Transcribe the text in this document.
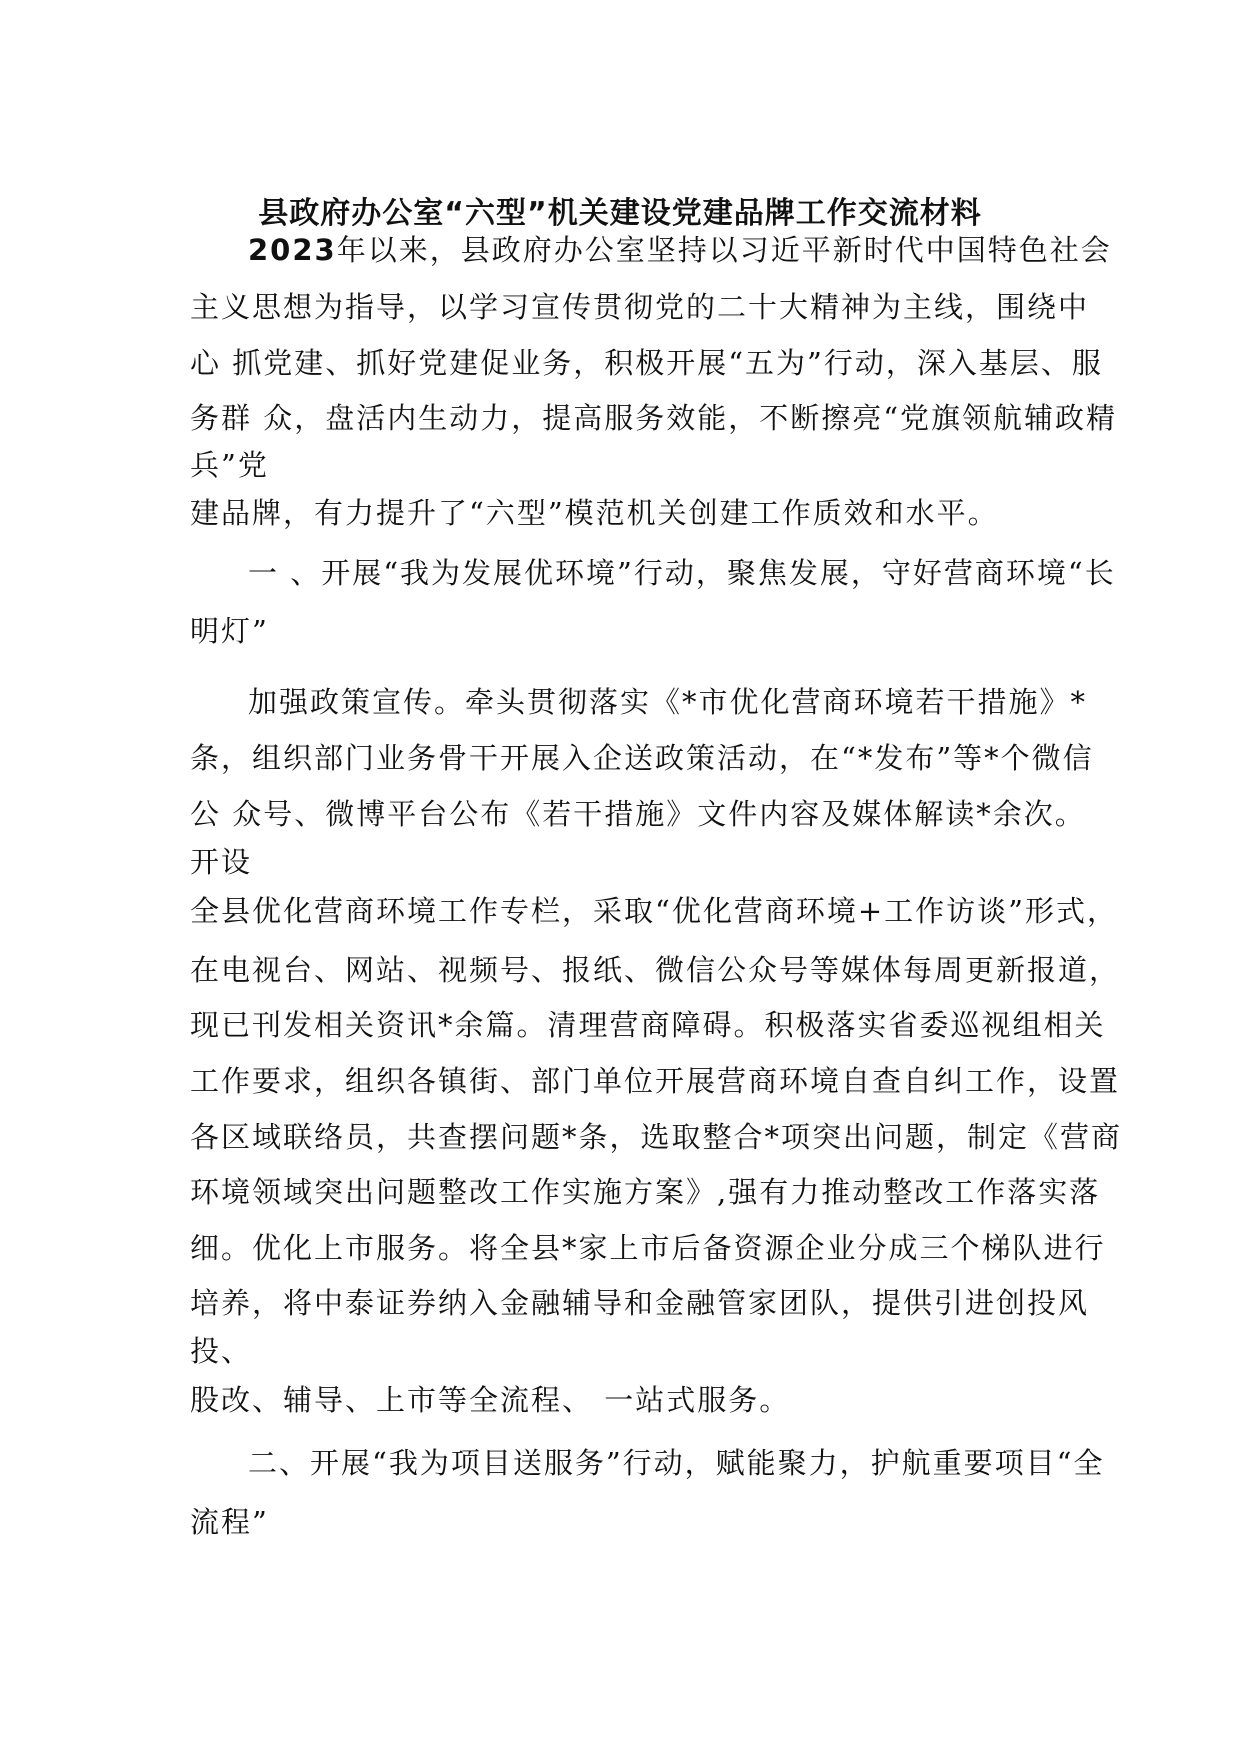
县政府办公室“六型”机关建设党建品牌工作交流材料
2023年以来，县政府办公室坚持以习近平新时代中国特色社会
主义思想为指导，以学习宣传贯彻党的二十大精神为主线，围绕中
心 抓党建、抓好党建促业务，积极开展“五为”行动，深入基层、服
务群 众，盘活内生动力，提高服务效能，不断擦亮“党旗领航辅政精
兵”党
建品牌，有力提升了“六型”模范机关创建工作质效和水平。
一 、开展“我为发展优环境”行动，聚焦发展，守好营商环境“长
明灯”
加强政策宣传。牵头贯彻落实《*市优化营商环境若干措施》*
条，组织部门业务骨干开展入企送政策活动，在“*发布”等*个微信
公 众号、微博平台公布《若干措施》文件内容及媒体解读*余次。
开设
全县优化营商环境工作专栏，采取“优化营商环境+工作访谈”形式，
在电视台、网站、视频号、报纸、微信公众号等媒体每周更新报道，
现已刊发相关资讯*余篇。清理营商障碍。积极落实省委巡视组相关
工作要求，组织各镇街、部门单位开展营商环境自查自纠工作，设置
各区域联络员，共查摆问题*条，选取整合*项突出问题，制定《营商
环境领域突出问题整改工作实施方案》,强有力推动整改工作落实落
细。优化上市服务。将全县*家上市后备资源企业分成三个梯队进行
培养，将中泰证券纳入金融辅导和金融管家团队，提供引进创投风
投、
股改、辅导、上市等全流程、 一站式服务。
二、开展“我为项目送服务”行动，赋能聚力，护航重要项目“全
流程”
